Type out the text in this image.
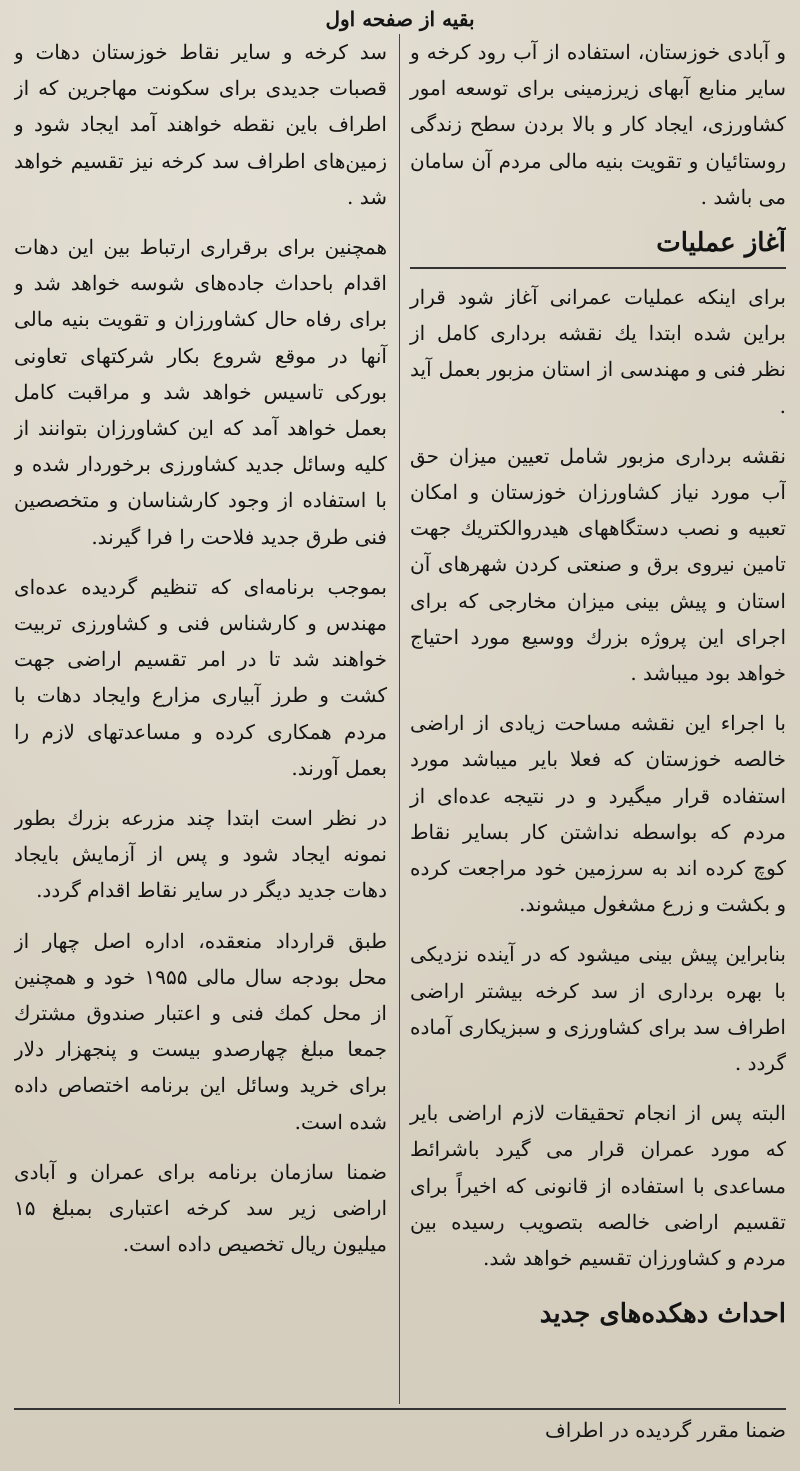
بقیه از صفحه اول

و آبادی خوزستان، استفاده از آب رود کرخه و سایر منابع آبهای زیرزمینی برای توسعه امور کشاورزی، ایجاد کار و بالا بردن سطح زندگی روستائیان و تقویت بنیه مالی مردم آن سامان می باشد .

آغاز عملیات

برای اینکه عملیات عمرانی آغاز شود قرار براین شده ابتدا یك نقشه برداری کامل از نظر فنی و مهندسی از استان مزبور بعمل آید .

نقشه برداری مزبور شامل تعیین میزان حق آب مورد نیاز کشاورزان خوزستان و امکان تعبیه و نصب دستگاههای هیدروالکتریك جهت تامین نیروی برق و صنعتی کردن شهرهای آن استان و پیش بینی میزان مخارجی که برای اجرای این پروژه بزرك ووسیع مورد احتیاج خواهد بود میباشد .

با اجراء این نقشه مساحت زیادی از اراضی خالصه خوزستان که فعلا بایر میباشد مورد استفاده قرار میگیرد و در نتیجه عده‌ای از مردم که بواسطه نداشتن کار بسایر نقاط کوچ کرده اند به سرزمین خود مراجعت کرده و بکشت و زرع مشغول میشوند.

بنابراین پیش بینی میشود که در آینده نزدیکی با بهره برداری از سد کرخه بیشتر اراضی اطراف سد برای کشاورزی و سبزیکاری آماده گردد .

البته پس از انجام تحقیقات لازم اراضی بایر که مورد عمران قرار می گیرد باشرائط مساعدی با استفاده از قانونی که اخیراً برای تقسیم اراضی خالصه بتصویب رسیده بین مردم و کشاورزان تقسیم خواهد شد.

احداث دهکده‌های جدید

سد کرخه و سایر نقاط خوزستان دهات و قصبات جدیدی برای سکونت مهاجرین که از اطراف باین نقطه خواهند آمد ایجاد شود و زمین‌های اطراف سد کرخه نیز تقسیم خواهد شد .

همچنین برای برقراری ارتباط بین این دهات اقدام باحداث جاده‌های شوسه خواهد شد و برای رفاه حال کشاورزان و تقویت بنیه مالی آنها در موقع شروع بکار شرکتهای تعاونی بورکی تاسیس خواهد شد و مراقبت کامل بعمل خواهد آمد که این کشاورزان بتوانند از کلیه وسائل جدید کشاورزی برخوردار شده و با استفاده از وجود کارشناسان و متخصصین فنی طرق جدید فلاحت را فرا گیرند.

بموجب برنامه‌ای که تنظیم گردیده عده‌ای مهندس و کارشناس فنی و کشاورزی تربیت خواهند شد تا در امر تقسیم اراضی جهت کشت و طرز آبیاری مزارع وایجاد دهات با مردم همکاری کرده و مساعدتهای لازم را بعمل آورند.

در نظر است ابتدا چند مزرعه بزرك بطور نمونه ایجاد شود و پس از آزمایش بایجاد دهات جدید دیگر در سایر نقاط اقدام گردد.

طبق قرارداد منعقده، اداره اصل چهار از محل بودجه سال مالی ۱۹۵۵ خود و همچنین از محل کمك فنی و اعتبار صندوق مشترك جمعا مبلغ چهارصدو بیست و پنجهزار دلار برای خرید وسائل این برنامه اختصاص داده شده است.

ضمنا سازمان برنامه برای عمران و آبادی اراضی زیر سد کرخه اعتباری بمبلغ ۱۵ میلیون ریال تخصیص داده است.

ضمنا مقرر گردیده در اطراف
